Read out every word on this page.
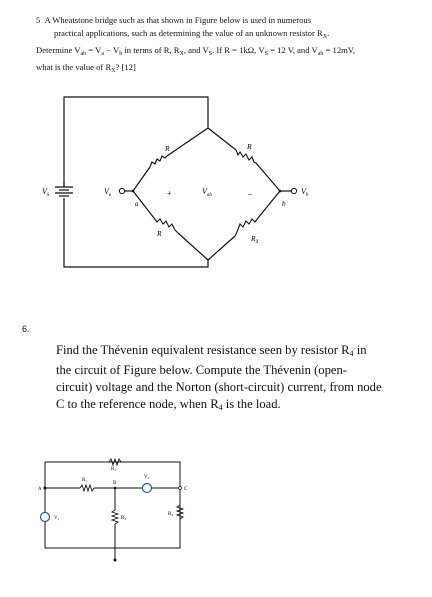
5 A Wheatstone bridge such as that shown in Figure below is used in numerous
practical applications, such as determining the value of an unknown resistor $R_X$.
Determine $V_{ab} = V_a - V_b$ in terms of R, $R_X$, and $V_S$. If R = 1kΩ, $V_S = 12$ V, and $V_{ab} = 12mV$,
what is the value of $R_X$? [12]
$V_S$	$V_a$
a
+	$V_{ab}$	–	$V_b$
b
R	R
R
$R_X$
6.
Find the Thévenin equivalent resistance seen by resistor $R_4$ in
the circuit of Figure below. Compute the Thévenin (open-
circuit) voltage and the Norton (short-circuit) current, from node
C to the reference node, when $R_4$ is the load.
A
B
C
R₁
R₂
R₃
R₄
V₁
V₂
